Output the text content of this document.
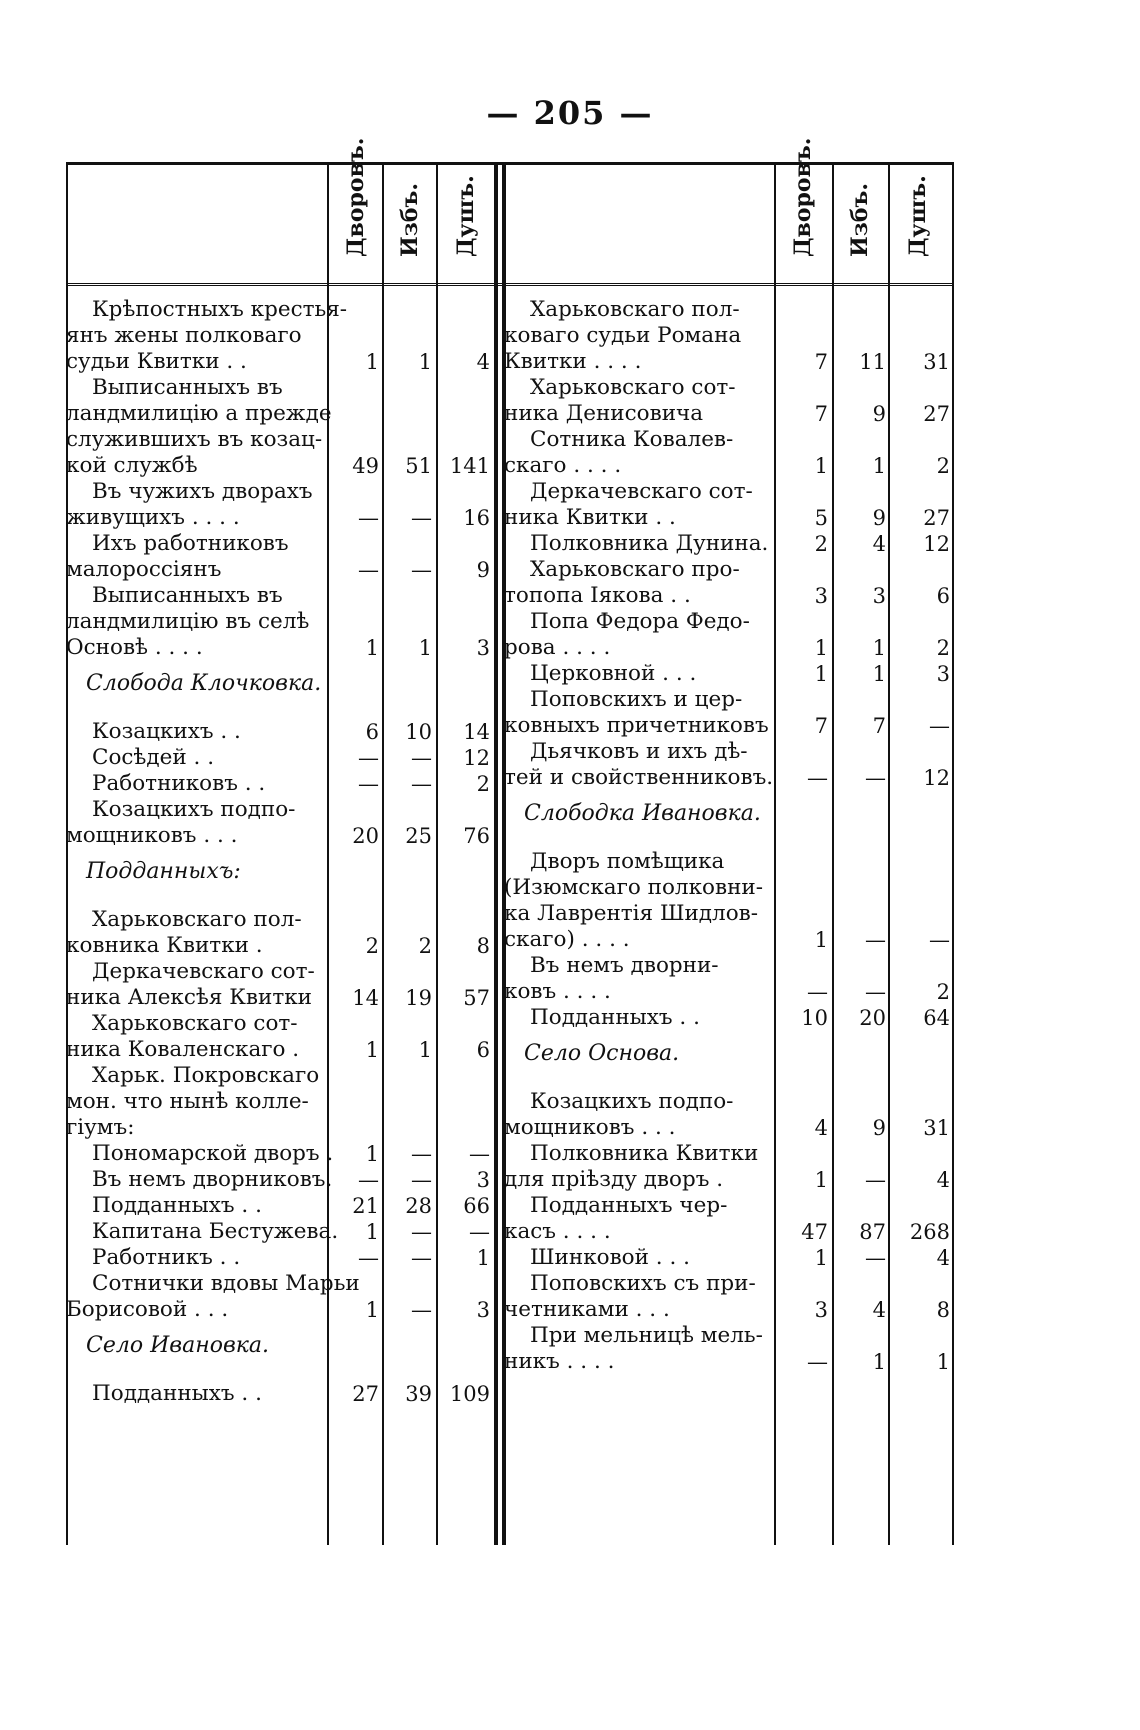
— 205 —
Дворовъ. Избъ. Душъ.	Дворовъ. Избъ. Душъ.
Крѣпостныхъ крестья-
янъ жены полковаго
судьи Квитки . .	1	1	4
Выписанныхъ въ
ландмилицію а прежде
служившихъ въ козац-
кой службѣ	49	51 141
Въ чужихъ дворахъ
живущихъ . . . .	—	—	16
Ихъ работниковъ
малороссіянъ	—	—	9
Выписанныхъ въ
ландмилицію въ селѣ
Основѣ . . . .	1	1	3
Слобода Клочковка.
Козацкихъ . .	6	10	14
Сосѣдей . .	—	—	12
Работниковъ . .	—	—	2
Козацкихъ подпо-
мощниковъ . . .	20	25	76
Подданныхъ:
Харьковскаго пол-
ковника Квитки .	2	2	8
Деркачевскаго сот-
ника Алексѣя Квитки	14	19	57
Харьковскаго сот-
ника Коваленскаго .	1	1	6
Харьк. Покровскаго
мон. что нынѣ колле-
гіумъ:
Пономарской дворъ .	1	—	—
Въ немъ дворниковъ.	—	—	3
Подданныхъ . .	21	28	66
Капитана Бестужева.	1	—	—
Работникъ . .	—	—	1
Сотнички вдовы Марьи
Борисовой . . .	1	—	3
Село Ивановка.
Подданныхъ . .	27	39 109
Харьковскаго пол-
коваго судьи Романа
Квитки . . . .	7	11	31
Харьковскаго сот-
ника Денисовича	7	9	27
Сотника Ковалев-
скаго . . . .	1	1	2
Деркачевскаго сот-
ника Квитки . .	5	9	27
Полковника Дунина.	2	4	12
Харьковскаго про-
топопа Іякова . .	3	3	6
Попа Федора Федо-
рова . . . .	1	1	2
Церковной . . .	1	1	3
Поповскихъ и цер-
ковныхъ причетниковъ	7	7	—
Дьячковъ и ихъ дѣ-
тей и свойственниковъ.	—	—	12
Слободка Ивановка.
Дворъ помѣщика
(Изюмскаго полковни-
ка Лаврентія Шидлов-
скаго) . . . .	1	—	—
Въ немъ дворни-
ковъ . . . .	—	—	2
Подданныхъ . .	10	20	64
Село Основа.
Козацкихъ подпо-
мощниковъ . . .	4	9	31
Полковника Квитки
для пріѣзду дворъ .	1	—	4
Подданныхъ чер-
касъ . . . .	47	87	268
Шинковой . . .	1	—	4
Поповскихъ съ при-
четниками . . .	3	4	8
При мельницѣ мель-
никъ . . . .	—	1	1
